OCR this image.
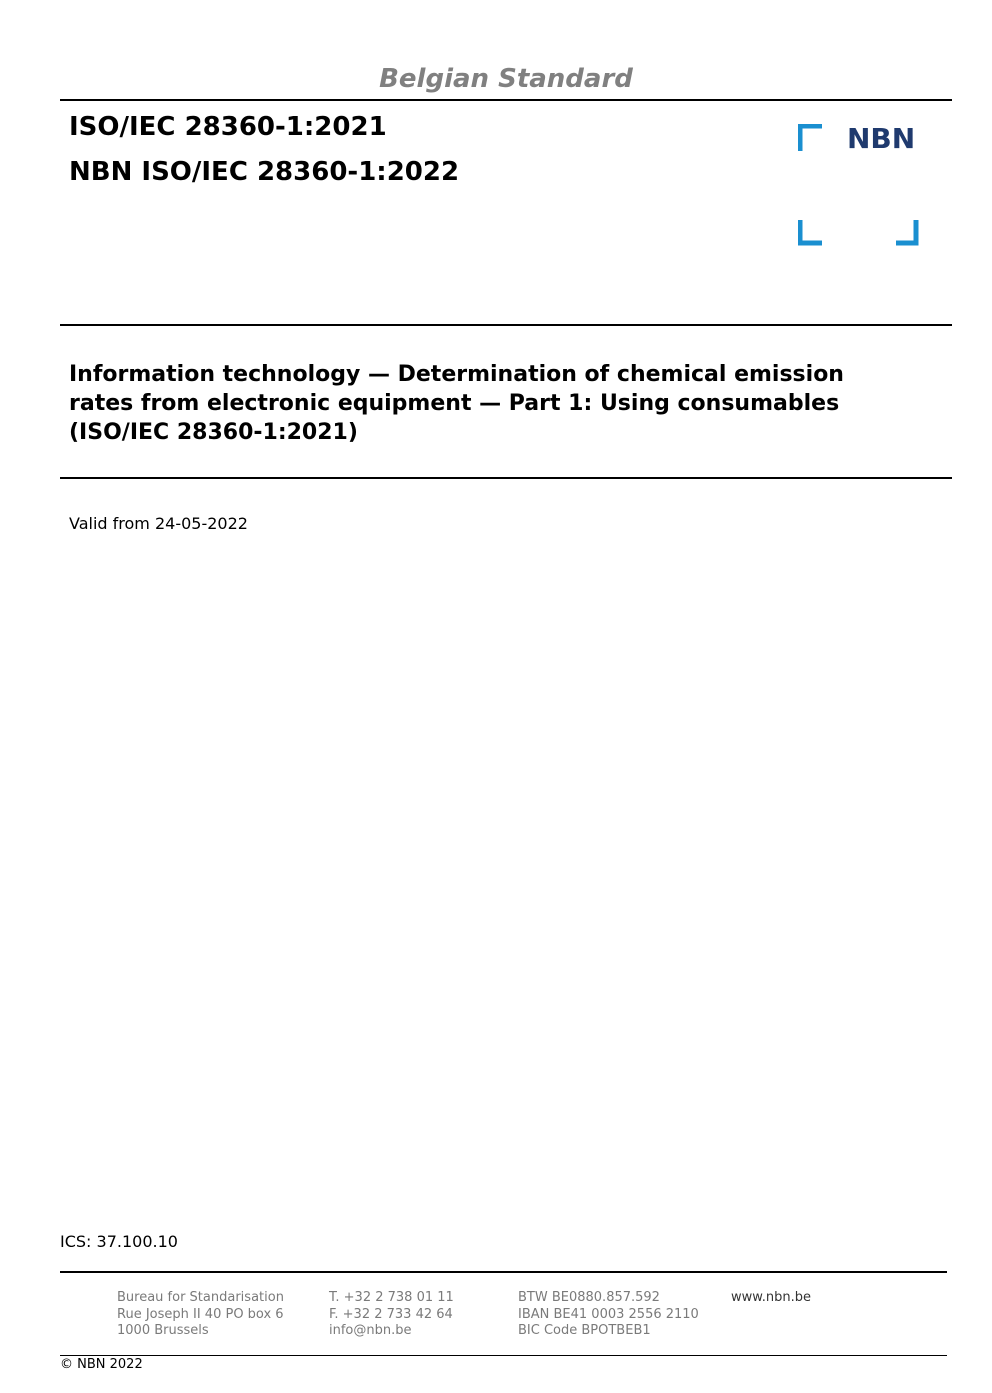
Belgian Standard
ISO/IEC 28360-1:2021
NBN ISO/IEC 28360-1:2022
NBN
Information technology — Determination of chemical emission
rates from electronic equipment — Part 1: Using consumables
(ISO/IEC 28360-1:2021)
Valid from 24-05-2022
ICS: 37.100.10
Bureau for Standarisation
Rue Joseph II 40 PO box 6
1000 Brussels
T. +32 2 738 01 11
F. +32 2 733 42 64
info@nbn.be
BTW BE0880.857.592
IBAN BE41 0003 2556 2110
BIC Code BPOTBEB1
www.nbn.be
© NBN 2022
